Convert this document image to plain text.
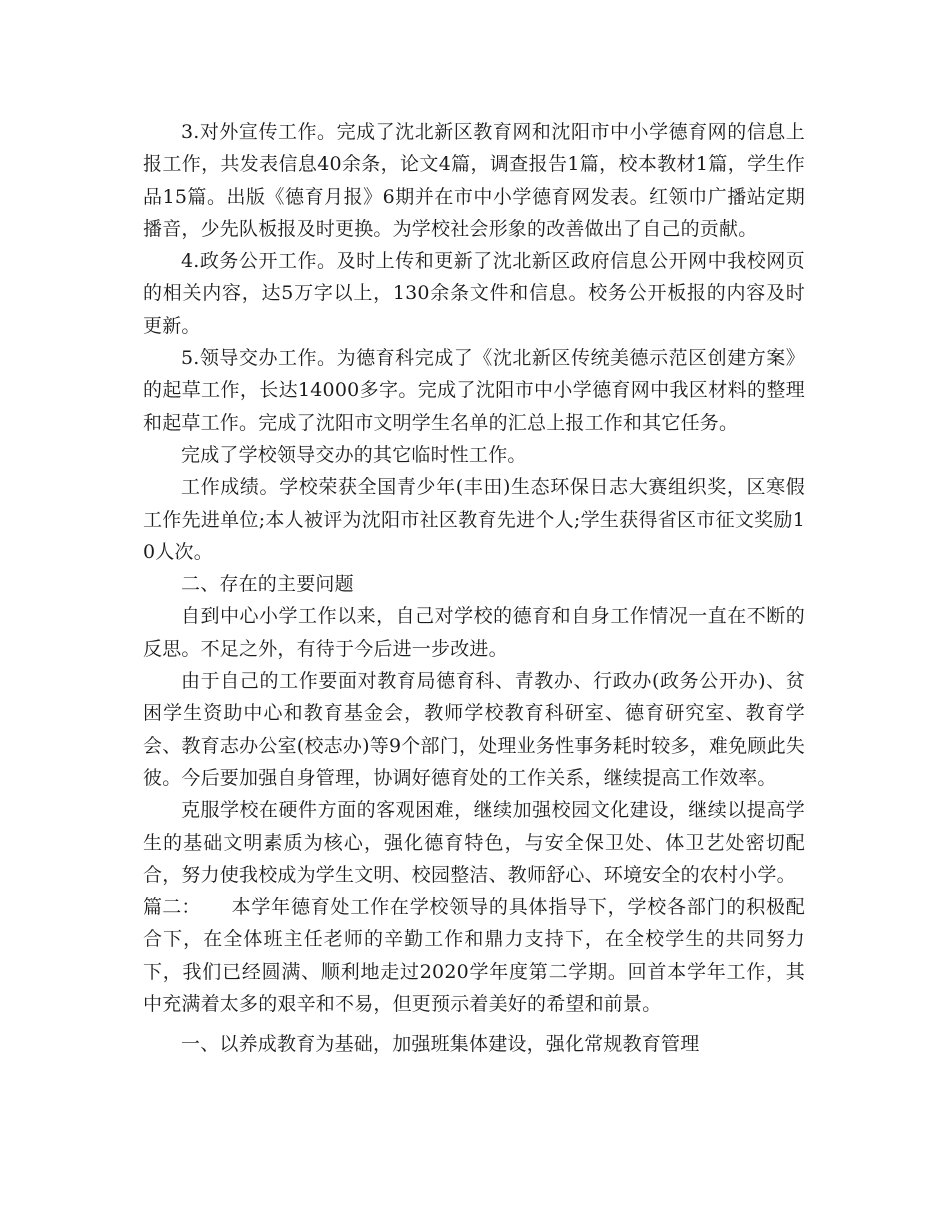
3.对外宣传工作。完成了沈北新区教育网和沈阳市中小学德育网的信息上报工作，共发表信息40余条，论文4篇，调查报告1篇，校本教材1篇，学生作品15篇。出版《德育月报》6期并在市中小学德育网发表。红领巾广播站定期播音，少先队板报及时更换。为学校社会形象的改善做出了自己的贡献。

4.政务公开工作。及时上传和更新了沈北新区政府信息公开网中我校网页的相关内容，达5万字以上，130余条文件和信息。校务公开板报的内容及时更新。

5.领导交办工作。为德育科完成了《沈北新区传统美德示范区创建方案》的起草工作，长达14000多字。完成了沈阳市中小学德育网中我区材料的整理和起草工作。完成了沈阳市文明学生名单的汇总上报工作和其它任务。

完成了学校领导交办的其它临时性工作。

工作成绩。学校荣获全国青少年(丰田)生态环保日志大赛组织奖，区寒假工作先进单位;本人被评为沈阳市社区教育先进个人;学生获得省区市征文奖励10人次。

二、存在的主要问题

自到中心小学工作以来，自己对学校的德育和自身工作情况一直在不断的反思。不足之外，有待于今后进一步改进。

由于自己的工作要面对教育局德育科、青教办、行政办(政务公开办)、贫困学生资助中心和教育基金会，教师学校教育科研室、德育研究室、教育学会、教育志办公室(校志办)等9个部门，处理业务性事务耗时较多，难免顾此失彼。今后要加强自身管理，协调好德育处的工作关系，继续提高工作效率。

克服学校在硬件方面的客观困难，继续加强校园文化建设，继续以提高学生的基础文明素质为核心，强化德育特色，与安全保卫处、体卫艺处密切配合，努力使我校成为学生文明、校园整洁、教师舒心、环境安全的农村小学。

篇二： 本学年德育处工作在学校领导的具体指导下，学校各部门的积极配合下，在全体班主任老师的辛勤工作和鼎力支持下，在全校学生的共同努力下，我们已经圆满、顺利地走过2020学年度第二学期。回首本学年工作，其中充满着太多的艰辛和不易，但更预示着美好的希望和前景。

一、以养成教育为基础，加强班集体建设，强化常规教育管理
